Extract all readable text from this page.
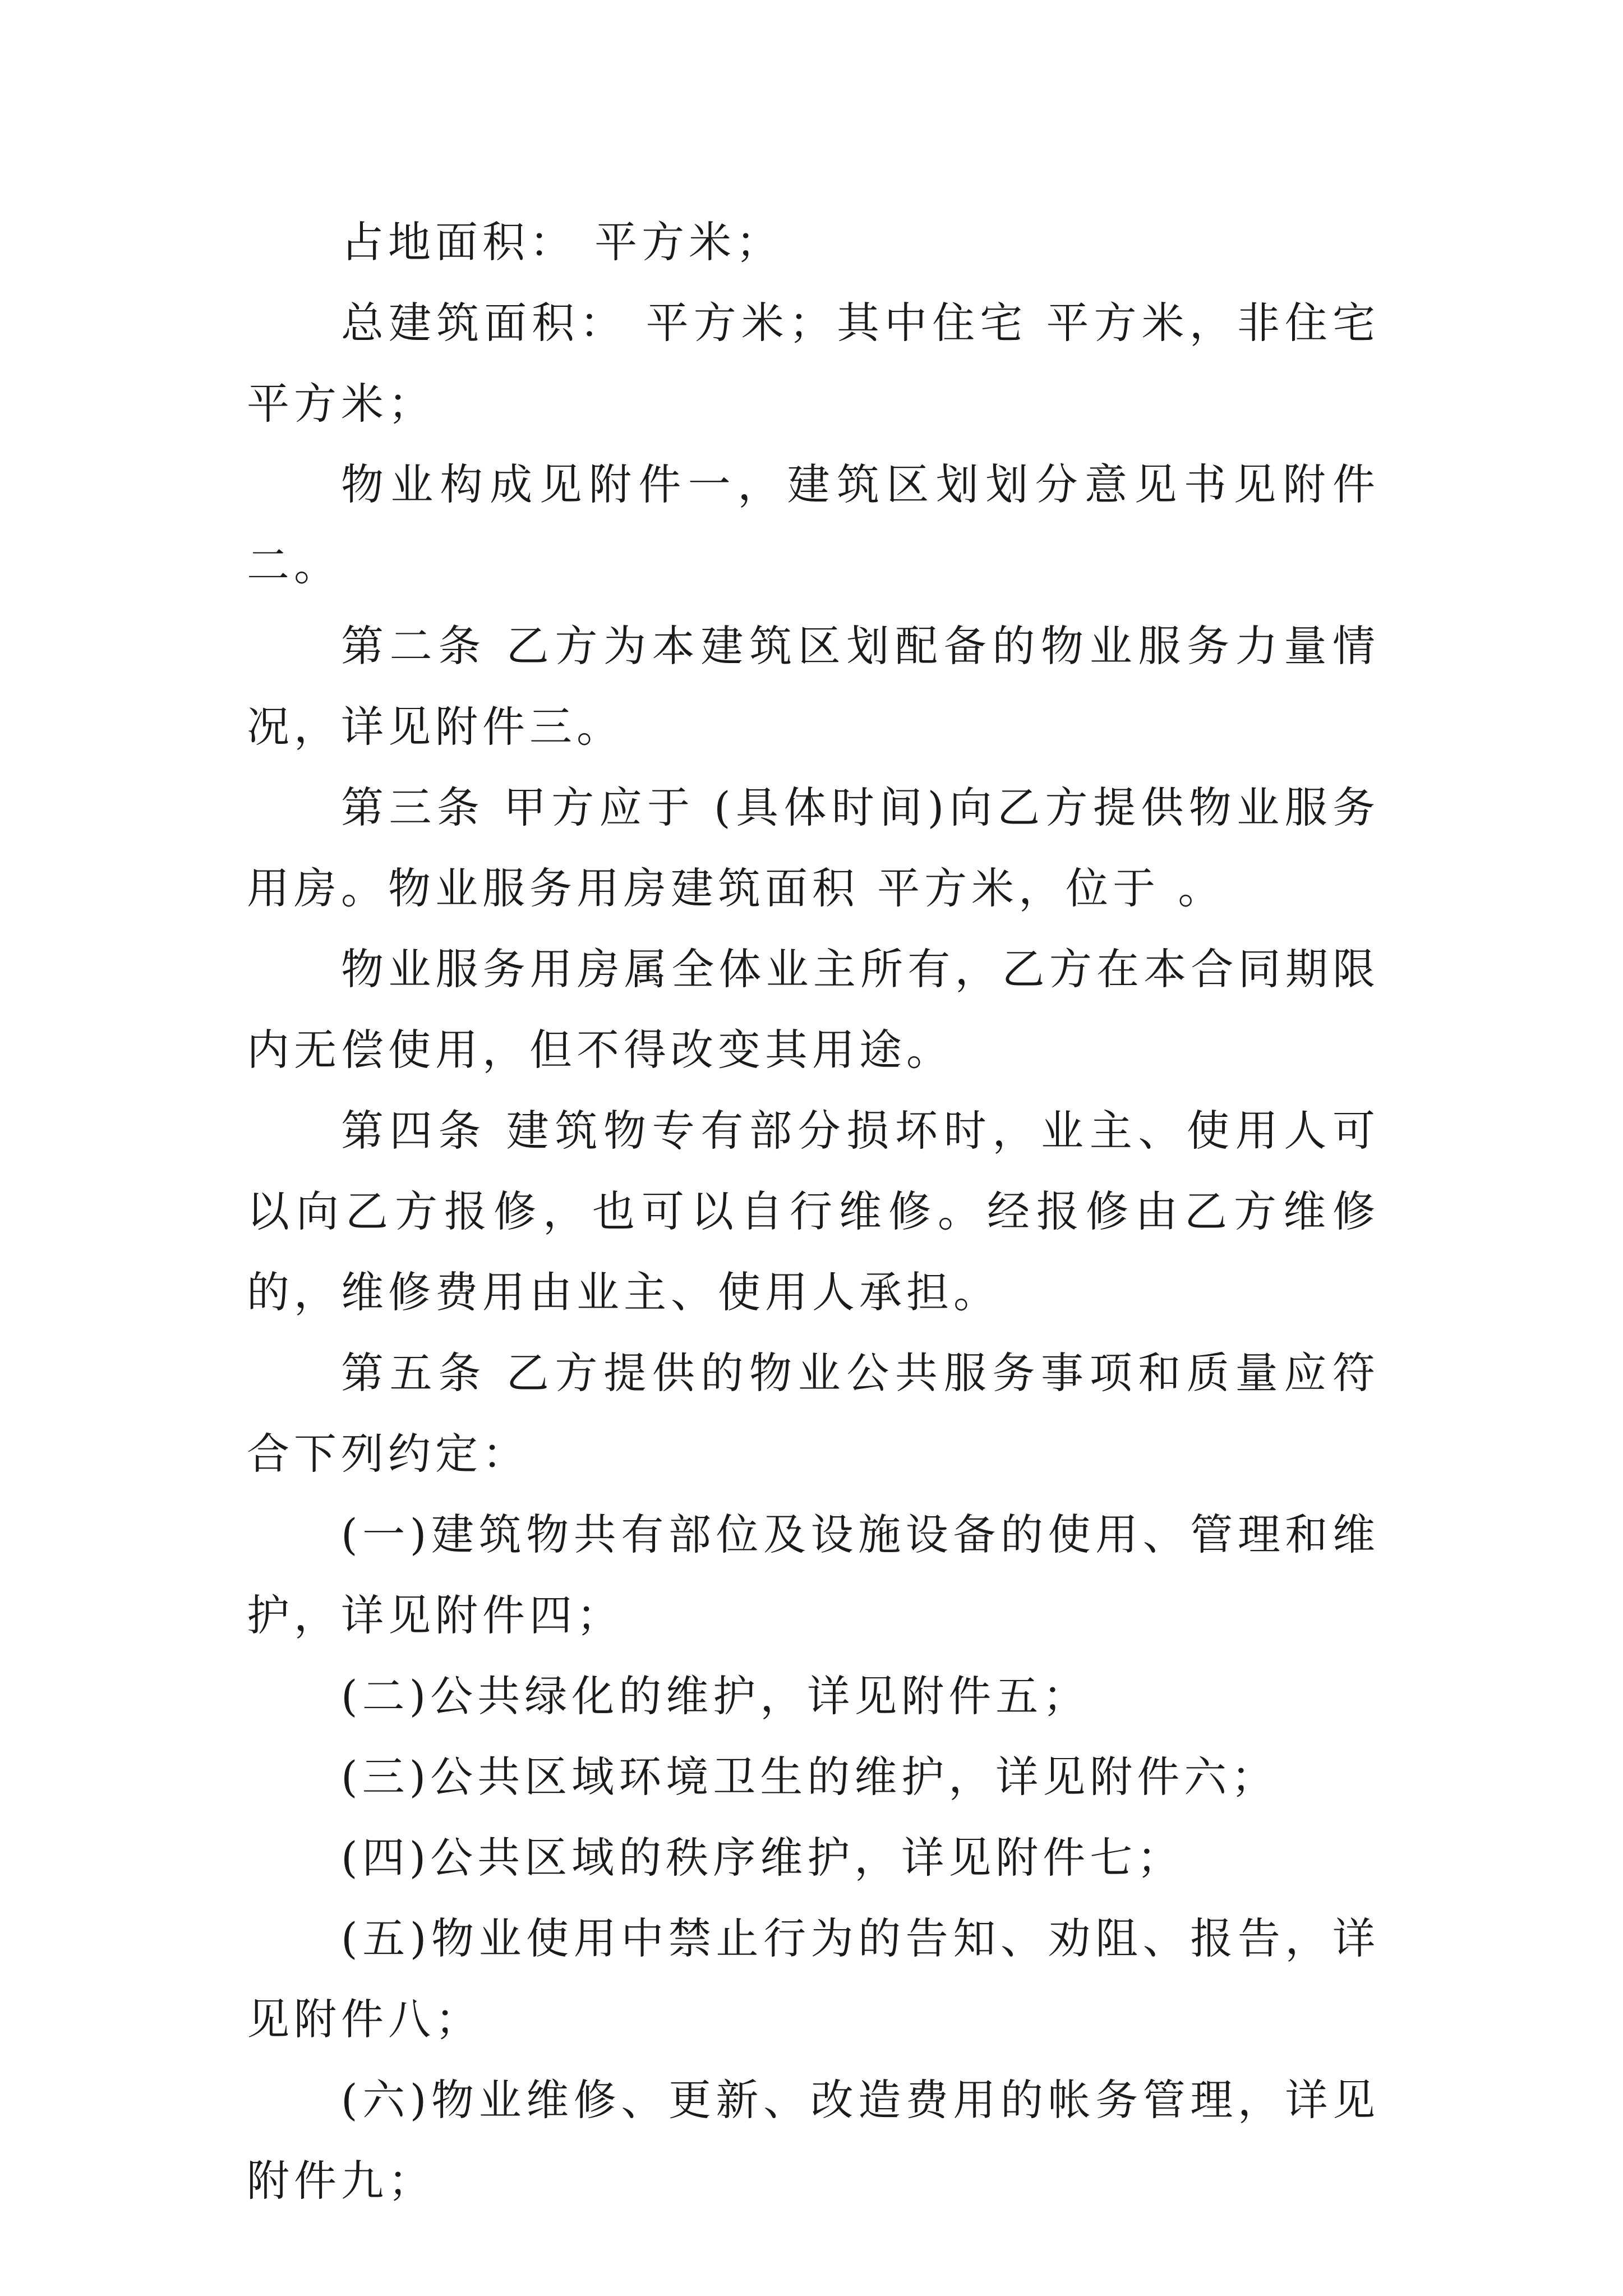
占地面积： 平方米；

总建筑面积： 平方米；其中住宅 平方米，非住宅 平方米；

物业构成见附件一，建筑区划划分意见书见附件二。

第二条 乙方为本建筑区划配备的物业服务力量情况，详见附件三。

第三条 甲方应于 (具体时间)向乙方提供物业服务用房。物业服务用房建筑面积 平方米，位于 。

物业服务用房属全体业主所有，乙方在本合同期限内无偿使用，但不得改变其用途。

第四条 建筑物专有部分损坏时，业主、使用人可以向乙方报修，也可以自行维修。经报修由乙方维修的，维修费用由业主、使用人承担。

第五条 乙方提供的物业公共服务事项和质量应符合下列约定：

(一)建筑物共有部位及设施设备的使用、管理和维护，详见附件四；

(二)公共绿化的维护，详见附件五；

(三)公共区域环境卫生的维护，详见附件六；

(四)公共区域的秩序维护，详见附件七；

(五)物业使用中禁止行为的告知、劝阻、报告，详见附件八；

(六)物业维修、更新、改造费用的帐务管理，详见附件九；
